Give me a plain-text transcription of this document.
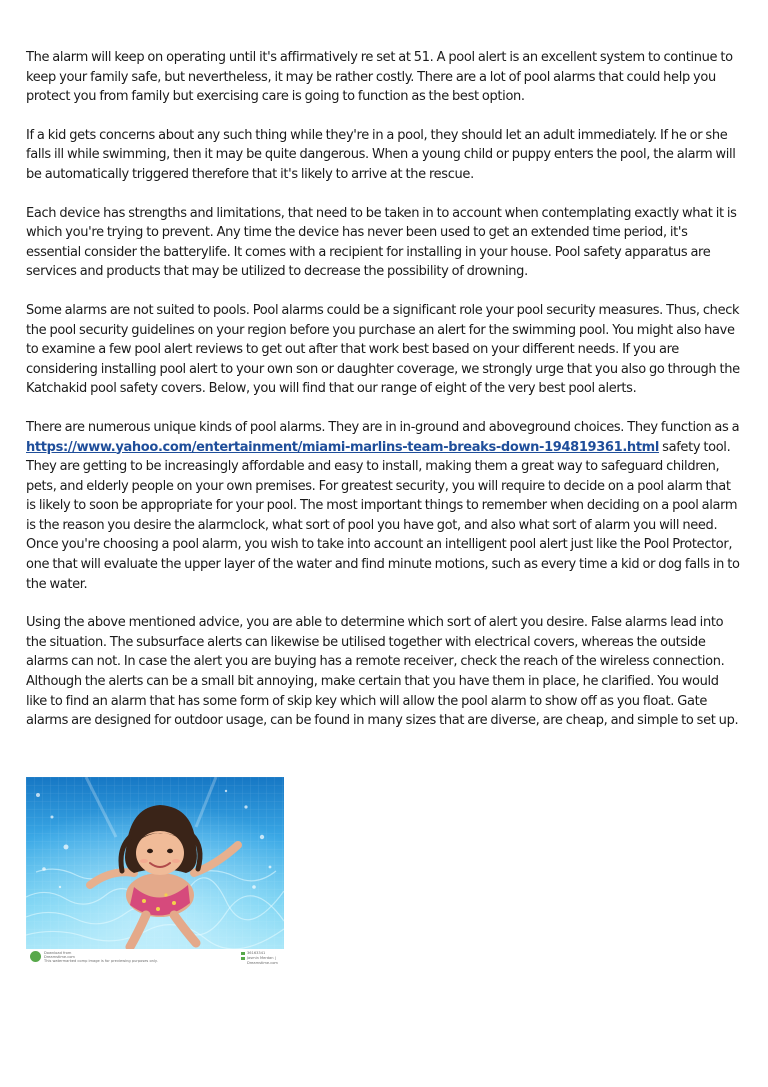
The alarm will keep on operating until it's affirmatively re set at 51. A pool alert is an excellent system to continue to keep your family safe, but nevertheless, it may be rather costly. There are a lot of pool alarms that could help you protect you from family but exercising care is going to function as the best option.

If a kid gets concerns about any such thing while they're in a pool, they should let an adult immediately. If he or she falls ill while swimming, then it may be quite dangerous. When a young child or puppy enters the pool, the alarm will be automatically triggered therefore that it's likely to arrive at the rescue.

Each device has strengths and limitations, that need to be taken in to account when contemplating exactly what it is which you're trying to prevent. Any time the device has never been used to get an extended time period, it's essential consider the batterylife. It comes with a recipient for installing in your house. Pool safety apparatus are services and products that may be utilized to decrease the possibility of drowning.

Some alarms are not suited to pools. Pool alarms could be a significant role your pool security measures. Thus, check the pool security guidelines on your region before you purchase an alert for the swimming pool. You might also have to examine a few pool alert reviews to get out after that work best based on your different needs. If you are considering installing pool alert to your own son or daughter coverage, we strongly urge that you also go through the Katchakid pool safety covers. Below, you will find that our range of eight of the very best pool alerts.

There are numerous unique kinds of pool alarms. They are in in-ground and aboveground choices. They function as a https://www.yahoo.com/entertainment/miami-marlins-team-breaks-down-194819361.html safety tool. They are getting to be increasingly affordable and easy to install, making them a great way to safeguard children, pets, and elderly people on your own premises. For greatest security, you will require to decide on a pool alarm that is likely to soon be appropriate for your pool. The most important things to remember when deciding on a pool alarm is the reason you desire the alarmclock, what sort of pool you have got, and also what sort of alarm you will need. Once you're choosing a pool alarm, you wish to take into account an intelligent pool alert just like the Pool Protector, one that will evaluate the upper layer of the water and find minute motions, such as every time a kid or dog falls in to the water.

Using the above mentioned advice, you are able to determine which sort of alert you desire. False alarms lead into the situation. The subsurface alerts can likewise be utilised together with electrical covers, whereas the outside alarms can not. In case the alert you are buying has a remote receiver, check the reach of the wireless connection. Although the alerts can be a small bit annoying, make certain that you have them in place, he clarified. You would like to find an alarm that has some form of skip key which will allow the pool alarm to show off as you float. Gate alarms are designed for outdoor usage, can be found in many sizes that are diverse, are cheap, and simple to set up.

Download from
Dreamstime.com
This watermarked comp image is for previewing purposes only.
36163341
Jasmin Merdan | Dreamstime.com
